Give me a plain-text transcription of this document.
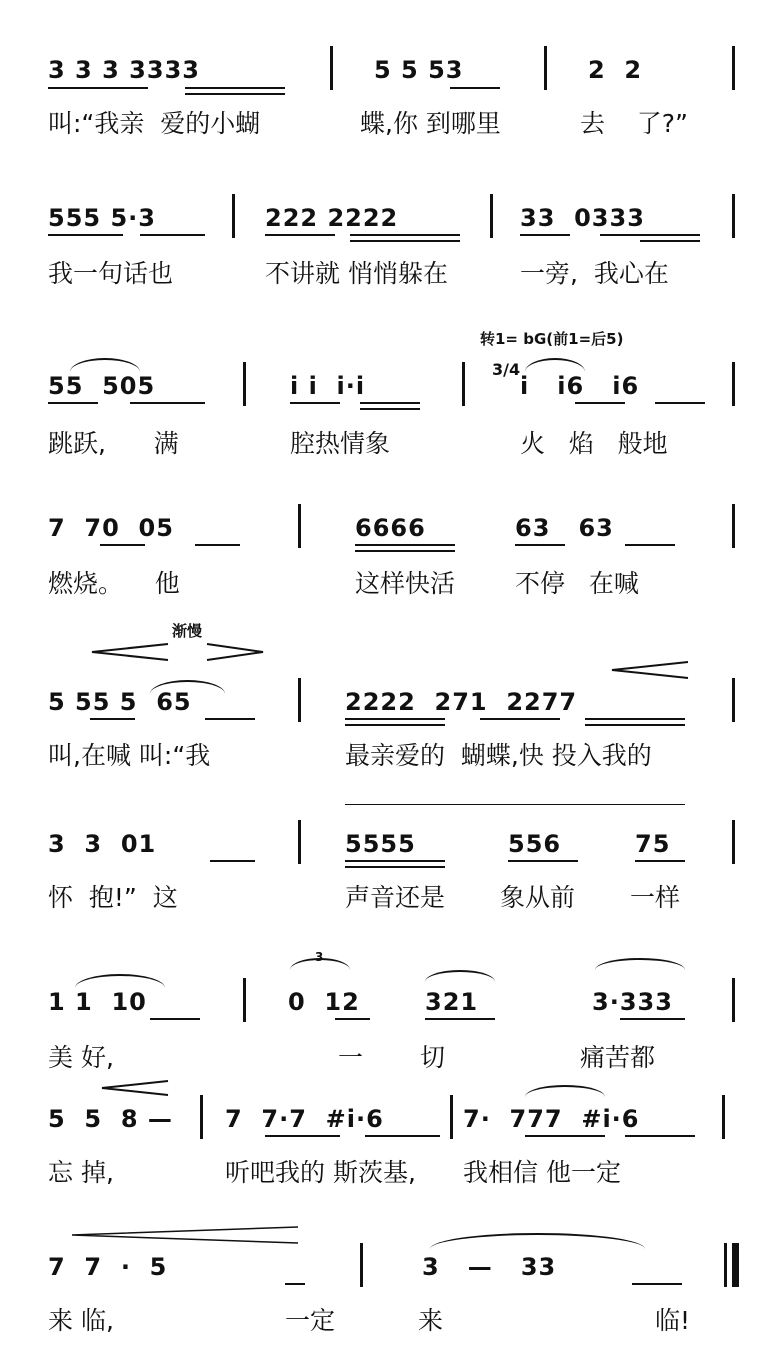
3 3 3 3333	5 5 53	2  2
叫:“我亲  爱的小蝴	蝶,你 到哪里	去    了?”
555 5·3	222 2222	33  0333
我一句话也	不讲就 悄悄躲在	一旁,  我心在
转1= bG(前1=后5)
55  505	i i  i·i
3/4
i   i6   i6
跳跃,      满	腔热情象	火   焰   般地
7  70  05	6666	63   63
燃烧。    他	这样快活 不停   在喊
渐慢
5 55 5  65	2222  271  2277
叫,在喊 叫:“我	最亲爱的  蝴蝶,快 投入我的
3  3  01	5555	556	75
怀  抱!”  这	声音还是 象从前 一样
3
1 1  10	0  12	321	3·333
美 好,	一 切	痛苦都
5  5  8 — 7  7·7  #i·6	7·  777  #i·6
忘 掉,	听吧我的 斯茨基, 我相信 他一定
7  7  ·  5	3   —   33
来 临,	一定	来	临!
